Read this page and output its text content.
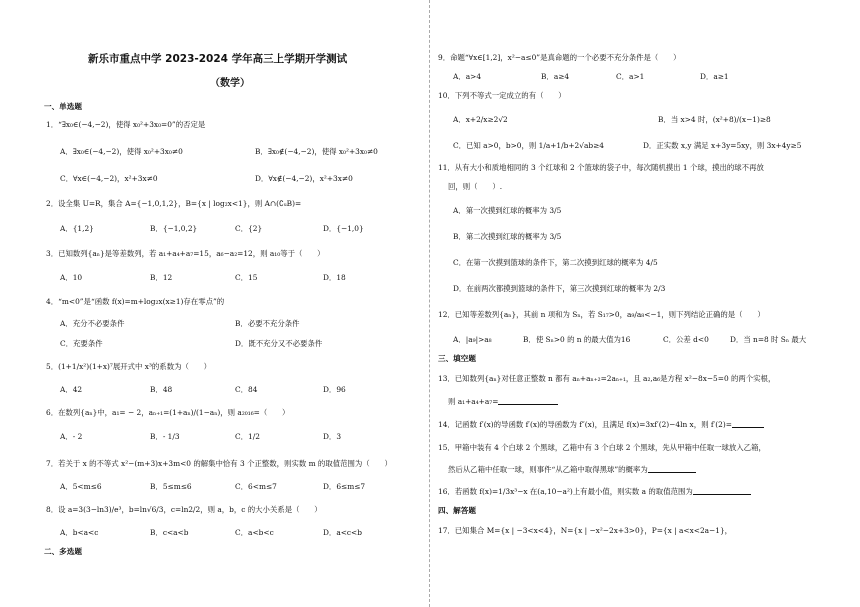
新乐市重点中学 2023-2024 学年高三上学期开学测试
（数学）
一、单选题
1．“∃x₀∈(−4,−2)，使得 x₀²+3x₀=0”的否定是
A．∃x₀∈(−4,−2)，使得 x₀²+3x₀≠0	B．∃x₀∉(−4,−2)，使得 x₀²+3x₀≠0
C．∀x∈(−4,−2)，x²+3x≠0	D．∀x∉(−4,−2)，x²+3x≠0
2．设全集 U=R，集合 A={−1,0,1,2}，B={x | log₂x<1}，则 A∩(∁ᵤB)=
A．{1,2}	B．{−1,0,2}	C．{2}	D．{−1,0}
3．已知数列{aₙ}是等差数列，若 a₁+a₄+a₇=15，a₆−a₂=12，则 a₁₀等于（　　）
A．10	B．12	C．15	D．18
4．“m<0”是“函数 f(x)=m+log₂x(x≥1)存在零点”的
A．充分不必要条件	B．必要不充分条件
C．充要条件	D．既不充分又不必要条件
5．(1+1/x²)(1+x)⁷展开式中 x³的系数为（　　）
A．42	B．48	C．84	D．96
6．在数列{aₙ}中，a₁= − 2，aₙ₊₁=(1+aₙ)/(1−aₙ)，则 a₂₀₁₆=（　　）
A．- 2	B．- 1/3	C．1/2	D．3
7．若关于 x 的不等式 x²−(m+3)x+3m<0 的解集中恰有 3 个正整数，则实数 m 的取值范围为（　　）
A．5<m≤6	B．5≤m≤6	C．6<m≤7	D．6≤m≤7
8．设 a=3(3−ln3)/e³，b=ln√6/3，c=ln2/2，则 a，b，c 的大小关系是（　　）
A．b<a<c	B．c<a<b	C．a<b<c	D．a<c<b
二、多选题
9．命题“∀x∈[1,2]，x²−a≤0”是真命题的一个必要不充分条件是（　　）
A．a>4	B．a≥4	C．a>1	D．a≥1
10．下列不等式一定成立的有（　　）
A．x+2/x≥2√2	B．当 x>4 时，(x²+8)/(x−1)≥8
C．已知 a>0，b>0，则 1/a+1/b+2√ab≥4	D．正实数 x,y 满足 x+3y=5xy，则 3x+4y≥5
11．从有大小和质地相同的 3 个红球和 2 个篮球的袋子中，每次随机摸出 1 个球，摸出的球不再放
回，则（　　）.
A．第一次摸到红球的概率为 3/5
B．第二次摸到红球的概率为 3/5
C．在第一次摸到篮球的条件下，第二次摸到红球的概率为 4/5
D．在前两次都摸到篮球的条件下，第三次摸到红球的概率为 2/3
12．已知等差数列{aₙ}，其前 n 项和为 Sₙ，若 S₁₇>0，a₉/a₈<−1，则下列结论正确的是（　　）
A．|a₉|>a₈	B．使 Sₙ>0 的 n 的最大值为16	C．公差 d<0	D．当 n=8 时 Sₙ 最大
三、填空题
13．已知数列{aₙ}对任意正整数 n 都有 aₙ+aₙ₊₂=2aₙ₊₁，且 a₂,a₆是方程 x²−8x−5=0 的两个实根，
则 a₁+a₄+a₇=
14．记函数 f′(x)的导函数 f′(x)的导函数为 f″(x)，且满足 f(x)=3xf′(2)−4ln x，则 f′(2)=
15．甲箱中装有 4 个白球 2 个黑球，乙箱中有 3 个白球 2 个黑球，先从甲箱中任取一球放入乙箱，
然后从乙箱中任取一球，则事件“从乙箱中取得黑球”的概率为
16．若函数 f(x)=1/3x³−x 在(a,10−a²)上有最小值，则实数 a 的取值范围为
四、解答题
17．已知集合 M={x | −3<x<4}，N={x | −x²−2x+3>0}，P={x | a<x<2a−1}，
